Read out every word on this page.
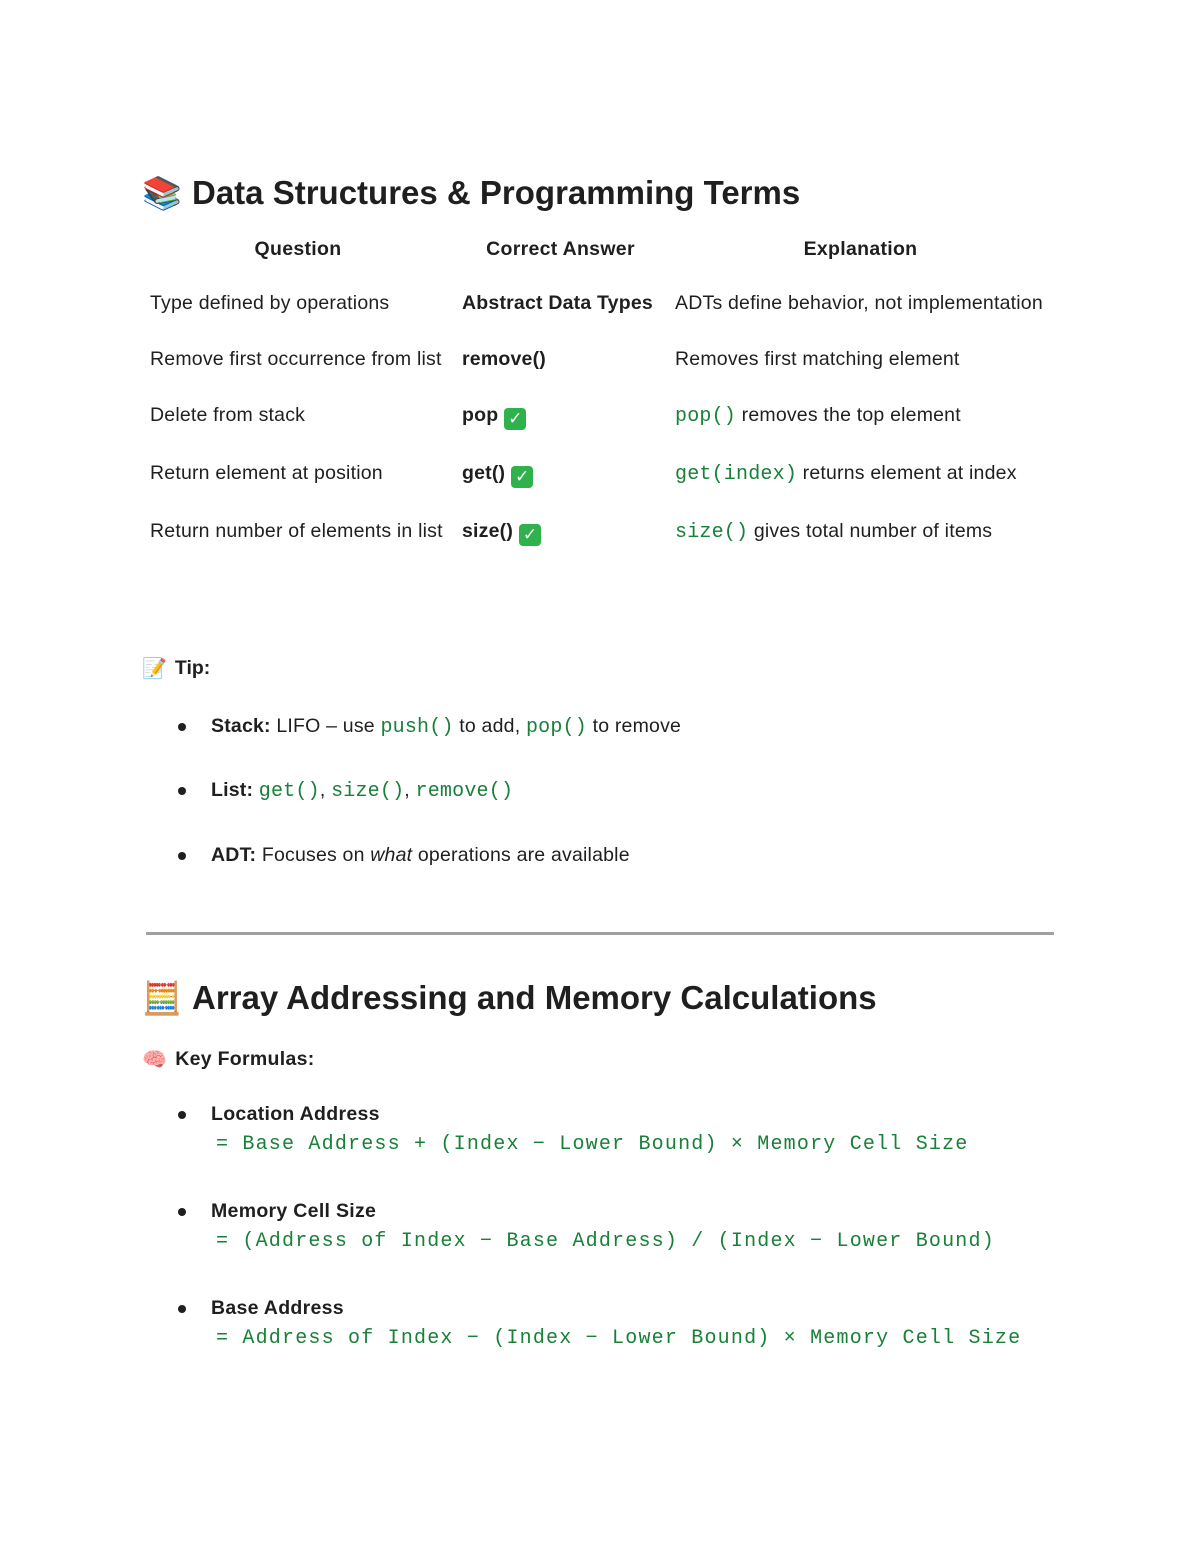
📚 Data Structures & Programming Terms
Question	Correct Answer	Explanation
Type defined by operations	Abstract Data Types	ADTs define behavior, not implementation
Remove first occurrence from list	remove()	Removes first matching element
Delete from stack	pop ✓	pop() removes the top element
Return element at position	get() ✓	get(index) returns element at index
Return number of elements in list	size() ✓	size() gives total number of items
📝 Tip:
Stack: LIFO – use push() to add, pop() to remove
List: get(), size(), remove()
ADT: Focuses on what operations are available
🧮 Array Addressing and Memory Calculations
🧠 Key Formulas:
Location Address
= Base Address + (Index − Lower Bound) × Memory Cell Size
Memory Cell Size
= (Address of Index − Base Address) / (Index − Lower Bound)
Base Address
= Address of Index − (Index − Lower Bound) × Memory Cell Size
